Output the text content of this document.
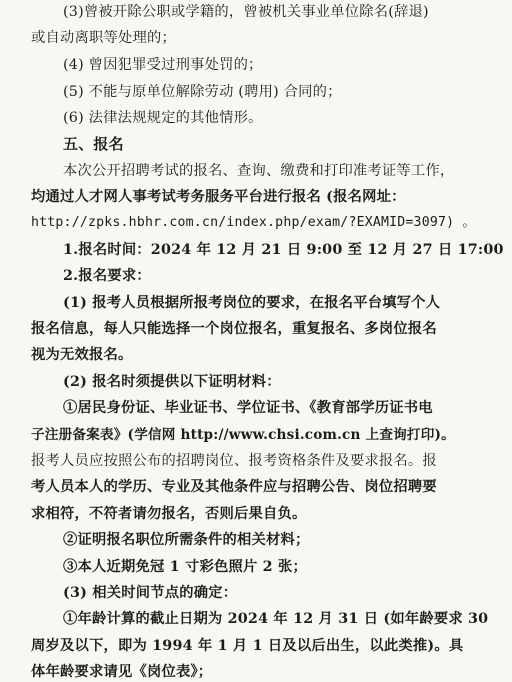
(3)曾被开除公职或学籍的，曾被机关事业单位除名(辞退)
或自动离职等处理的；
(4) 曾因犯罪受过刑事处罚的；
(5) 不能与原单位解除劳动 (聘用) 合同的；
(6) 法律法规规定的其他情形。
五、报名
本次公开招聘考试的报名、查询、缴费和打印准考证等工作，
均通过人才网人事考试考务服务平台进行报名 (报名网址：
http://zpks.hbhr.com.cn/index.php/exam/?EXAMID=3097) 。
1.报名时间：2024 年 12 月 21 日 9:00 至 12 月 27 日 17:00
2.报名要求：
(1) 报考人员根据所报考岗位的要求，在报名平台填写个人
报名信息，每人只能选择一个岗位报名，重复报名、多岗位报名
视为无效报名。
(2) 报名时须提供以下证明材料：
①居民身份证、毕业证书、学位证书、《教育部学历证书电
子注册备案表》(学信网 http://www.chsi.com.cn 上查询打印)。
报考人员应按照公布的招聘岗位、报考资格条件及要求报名。报
考人员本人的学历、专业及其他条件应与招聘公告、岗位招聘要
求相符，不符者请勿报名，否则后果自负。
②证明报名职位所需条件的相关材料；
③本人近期免冠 1 寸彩色照片 2 张；
(3) 相关时间节点的确定：
①年龄计算的截止日期为 2024 年 12 月 31 日 (如年龄要求 30
周岁及以下，即为 1994 年 1 月 1 日及以后出生，以此类推)。具
体年龄要求请见《岗位表》；
